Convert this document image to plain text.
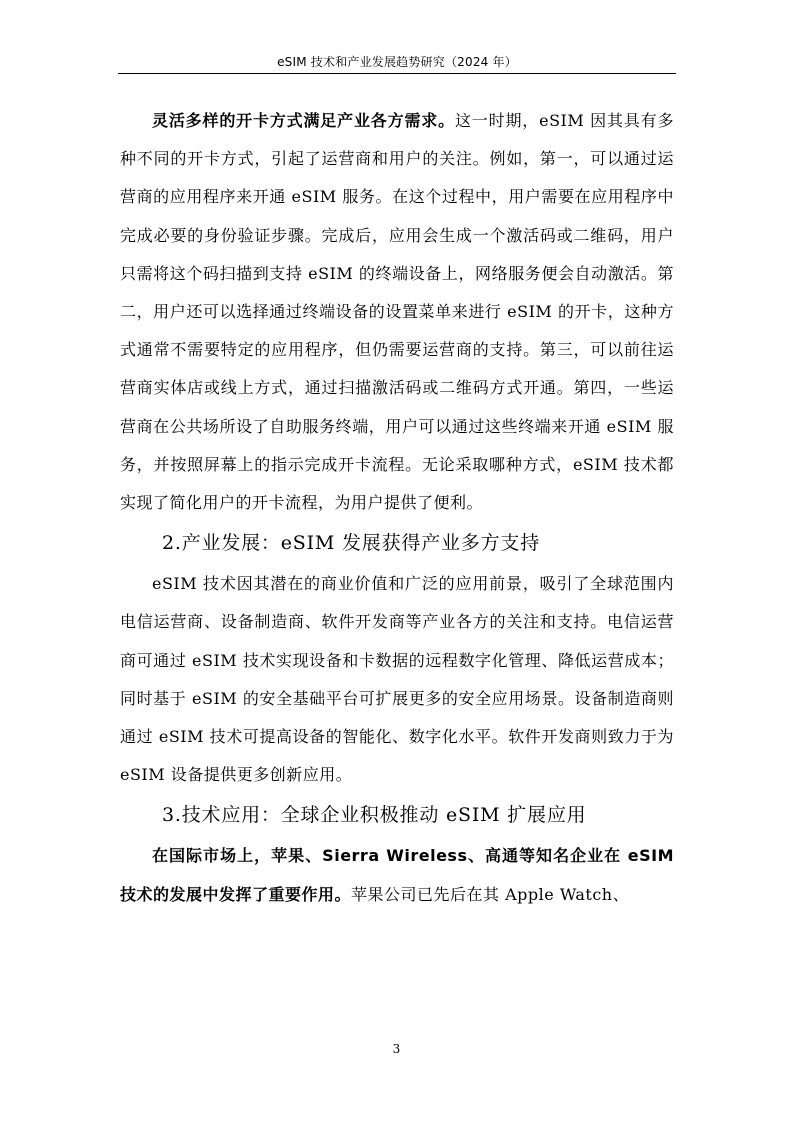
eSIM 技术和产业发展趋势研究（2024 年）

灵活多样的开卡方式满足产业各方需求。这一时期，eSIM 因其具有多种不同的开卡方式，引起了运营商和用户的关注。例如，第一，可以通过运营商的应用程序来开通 eSIM 服务。在这个过程中，用户需要在应用程序中完成必要的身份验证步骤。完成后，应用会生成一个激活码或二维码，用户只需将这个码扫描到支持 eSIM 的终端设备上，网络服务便会自动激活。第二，用户还可以选择通过终端设备的设置菜单来进行 eSIM 的开卡，这种方式通常不需要特定的应用程序，但仍需要运营商的支持。第三，可以前往运营商实体店或线上方式，通过扫描激活码或二维码方式开通。第四，一些运营商在公共场所设了自助服务终端，用户可以通过这些终端来开通 eSIM 服务，并按照屏幕上的指示完成开卡流程。无论采取哪种方式，eSIM 技术都实现了简化用户的开卡流程，为用户提供了便利。

2.产业发展：eSIM 发展获得产业多方支持

eSIM 技术因其潜在的商业价值和广泛的应用前景，吸引了全球范围内电信运营商、设备制造商、软件开发商等产业各方的关注和支持。电信运营商可通过 eSIM 技术实现设备和卡数据的远程数字化管理、降低运营成本；同时基于 eSIM 的安全基础平台可扩展更多的安全应用场景。设备制造商则通过 eSIM 技术可提高设备的智能化、数字化水平。软件开发商则致力于为 eSIM 设备提供更多创新应用。

3.技术应用：全球企业积极推动 eSIM 扩展应用

在国际市场上，苹果、Sierra Wireless、高通等知名企业在 eSIM 技术的发展中发挥了重要作用。苹果公司已先后在其 Apple Watch、

3
